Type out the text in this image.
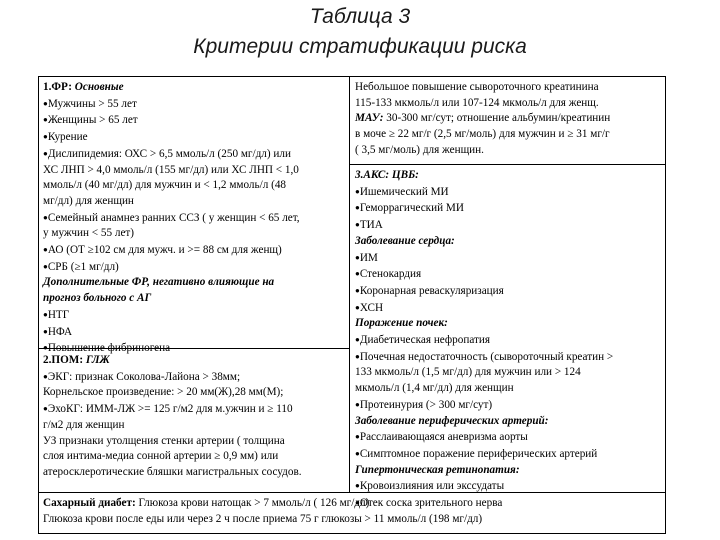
Таблица 3
Критерии стратификации риска
1.ФР: Основные
● Мужчины > 55 лет
● Женщины > 65 лет
● Курение
● Дислипидемия: ОХС > 6,5 ммоль/л (250 мг/дл) или
ХС ЛНП > 4,0 ммоль/л (155 мг/дл) или ХС ЛНП < 1,0
ммоль/л (40 мг/дл) для мужчин и < 1,2 ммоль/л (48
мг/дл) для женщин
● Семейный анамнез ранних ССЗ ( у женщин < 65 лет,
у мужчин < 55 лет)
● АО (ОТ ≥102 см для мужч. и >= 88 см для женщ)
● СРБ (≥1 мг/дл)
Дополнительные ФР, негативно влияющие на
прогноз больного с АГ
● НТГ
● НФА
● Повышение фибриногена
2.ПОМ: ГЛЖ
● ЭКГ: признак Соколова-Лайона > 38мм;
Корнельское произведение: > 20 мм(Ж),28 мм(М);
● ЭхоКГ: ИММ-ЛЖ >= 125 г/м2 для м.ужчин и ≥ 110
г/м2 для женщин
УЗ признаки утолщения стенки артерии ( толщина
слоя интима-медиа сонной артерии ≥ 0,9 мм) или
атеросклеротические бляшки магистральных сосудов.
Небольшое повышение сывороточного креатинина
115-133 мкмоль/л или 107-124 мкмоль/л для женщ.
МАУ: 30-300 мг/сут; отношение альбумин/креатинин
в моче ≥ 22 мг/г (2,5 мг/моль) для мужчин и ≥ 31 мг/г
( 3,5 мг/моль) для женщин.
3.АКС: ЦВБ:
● Ишемический МИ
● Геморрагический МИ
● ТИА
Заболевание сердца:
● ИМ
● Стенокардия
● Коронарная реваскуляризация
● ХСН
Поражение почек:
● Диабетическая нефропатия
● Почечная недостаточность (сывороточный креатин >
133 мкмоль/л (1,5 мг/дл) для мужчин или > 124
мкмоль/л (1,4 мг/дл) для женщин
● Протеинурия (> 300 мг/сут)
Заболевание периферических артерий:
● Расслаивающаяся аневризма аорты
● Симптомное поражение периферических артерий
Гипертоническая ретинопатия:
● Кровоизлияния или экссудаты
● Отек соска зрительного нерва
Сахарный диабет: Глюкоза крови натощак > 7 ммоль/л ( 126 мг/дл)
Глюкоза крови после еды или через 2 ч после приема 75 г глюкозы > 11 ммоль/л (198 мг/дл)
